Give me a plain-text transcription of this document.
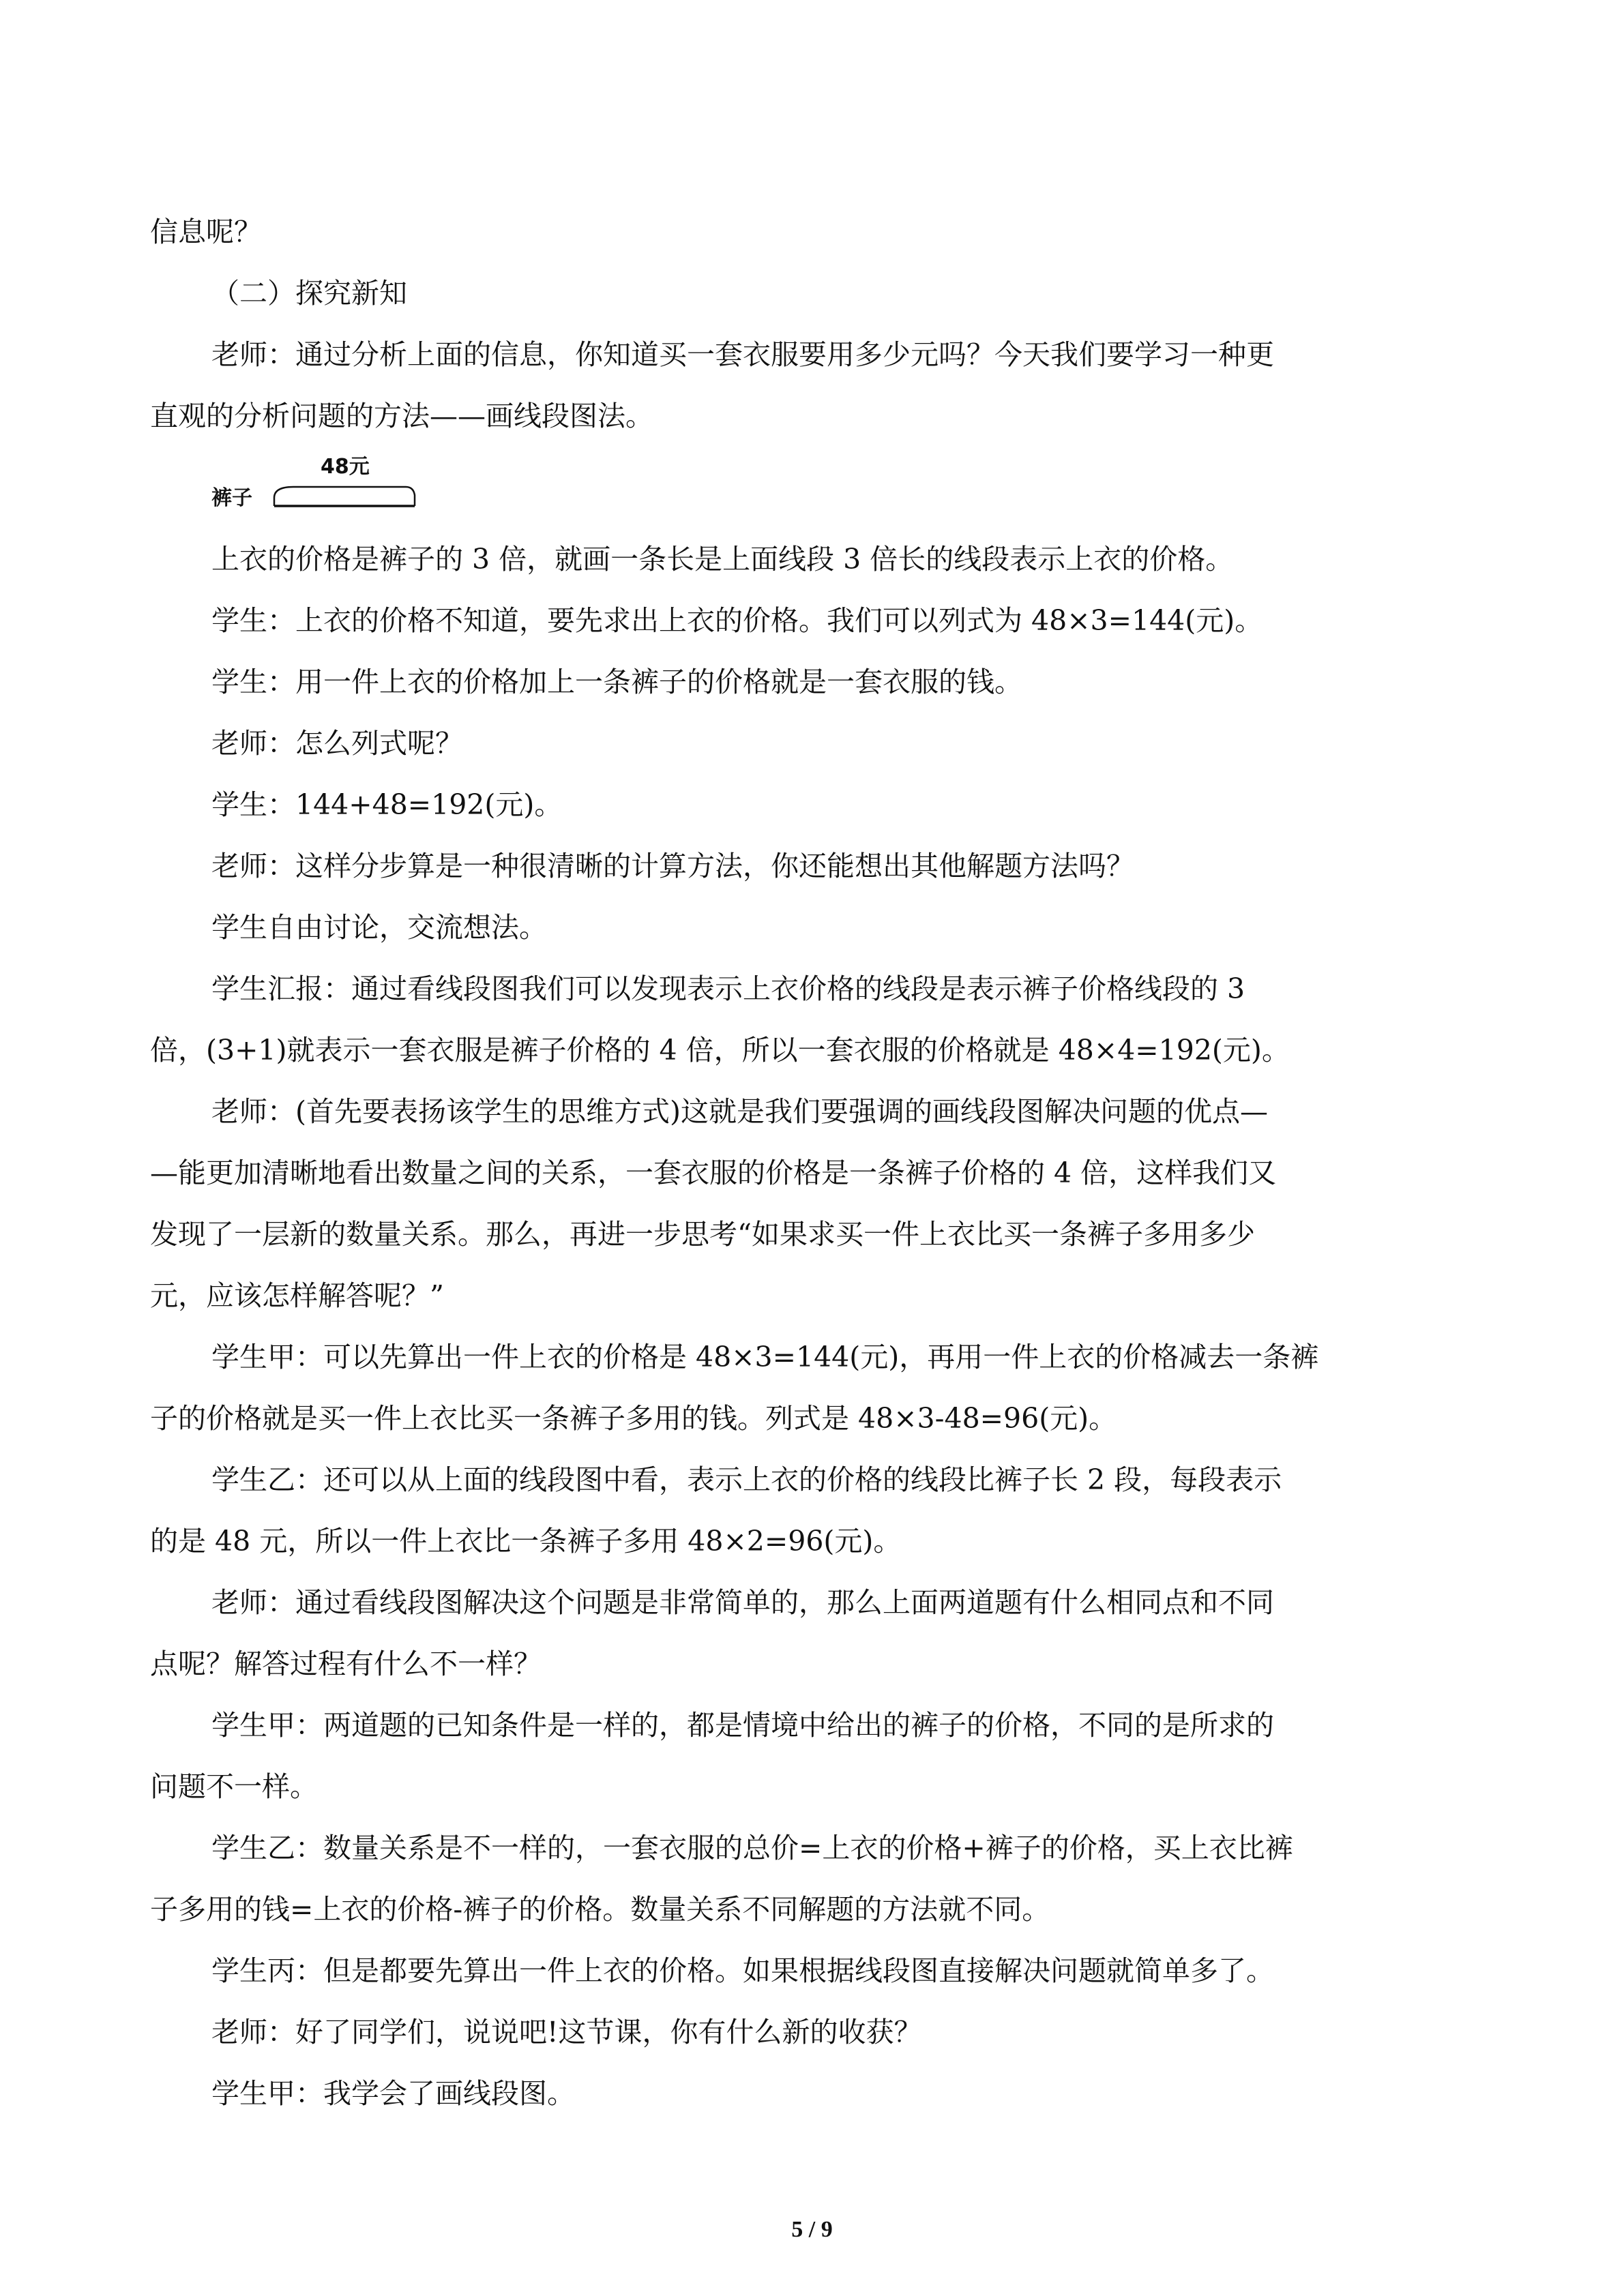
信息呢？

（二）探究新知

老师：通过分析上面的信息，你知道买一套衣服要用多少元吗？今天我们要学习一种更

直观的分析问题的方法——画线段图法。

裤子
48元

上衣的价格是裤子的 3 倍，就画一条长是上面线段 3 倍长的线段表示上衣的价格。

学生：上衣的价格不知道，要先求出上衣的价格。我们可以列式为 48×3=144(元)。

学生：用一件上衣的价格加上一条裤子的价格就是一套衣服的钱。

老师：怎么列式呢？

学生：144+48=192(元)。

老师：这样分步算是一种很清晰的计算方法，你还能想出其他解题方法吗？

学生自由讨论，交流想法。

学生汇报：通过看线段图我们可以发现表示上衣价格的线段是表示裤子价格线段的 3

倍，(3+1)就表示一套衣服是裤子价格的 4 倍，所以一套衣服的价格就是 48×4=192(元)。

老师：(首先要表扬该学生的思维方式)这就是我们要强调的画线段图解决问题的优点—

—能更加清晰地看出数量之间的关系，一套衣服的价格是一条裤子价格的 4 倍，这样我们又

发现了一层新的数量关系。那么，再进一步思考“如果求买一件上衣比买一条裤子多用多少

元，应该怎样解答呢？”

学生甲：可以先算出一件上衣的价格是 48×3=144(元)，再用一件上衣的价格减去一条裤

子的价格就是买一件上衣比买一条裤子多用的钱。列式是 48×3-48=96(元)。

学生乙：还可以从上面的线段图中看，表示上衣的价格的线段比裤子长 2 段，每段表示

的是 48 元，所以一件上衣比一条裤子多用 48×2=96(元)。

老师：通过看线段图解决这个问题是非常简单的，那么上面两道题有什么相同点和不同

点呢？解答过程有什么不一样？

学生甲：两道题的已知条件是一样的，都是情境中给出的裤子的价格，不同的是所求的

问题不一样。

学生乙：数量关系是不一样的，一套衣服的总价=上衣的价格+裤子的价格，买上衣比裤

子多用的钱=上衣的价格-裤子的价格。数量关系不同解题的方法就不同。

学生丙：但是都要先算出一件上衣的价格。如果根据线段图直接解决问题就简单多了。

老师：好了同学们，说说吧!这节课，你有什么新的收获？

学生甲：我学会了画线段图。

5 / 9
